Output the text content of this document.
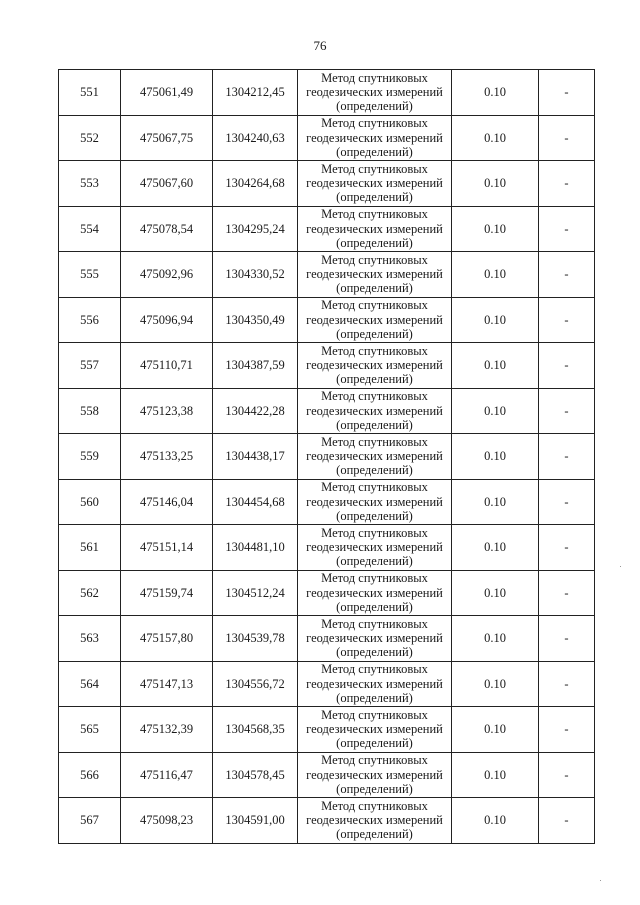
76
551	475061,49	1304212,45	Метод спутниковых
геодезических измерений
(определений)	0.10	-
552	475067,75	1304240,63	Метод спутниковых
геодезических измерений
(определений)	0.10	-
553	475067,60	1304264,68	Метод спутниковых
геодезических измерений
(определений)	0.10	-
554	475078,54	1304295,24	Метод спутниковых
геодезических измерений
(определений)	0.10	-
555	475092,96	1304330,52	Метод спутниковых
геодезических измерений
(определений)	0.10	-
556	475096,94	1304350,49	Метод спутниковых
геодезических измерений
(определений)	0.10	-
557	475110,71	1304387,59	Метод спутниковых
геодезических измерений
(определений)	0.10	-
558	475123,38	1304422,28	Метод спутниковых
геодезических измерений
(определений)	0.10	-
559	475133,25	1304438,17	Метод спутниковых
геодезических измерений
(определений)	0.10	-
560	475146,04	1304454,68	Метод спутниковых
геодезических измерений
(определений)	0.10	-
561	475151,14	1304481,10	Метод спутниковых
геодезических измерений
(определений)	0.10	-
562	475159,74	1304512,24	Метод спутниковых
геодезических измерений
(определений)	0.10	-
563	475157,80	1304539,78	Метод спутниковых
геодезических измерений
(определений)	0.10	-
564	475147,13	1304556,72	Метод спутниковых
геодезических измерений
(определений)	0.10	-
565	475132,39	1304568,35	Метод спутниковых
геодезических измерений
(определений)	0.10	-
566	475116,47	1304578,45	Метод спутниковых
геодезических измерений
(определений)	0.10	-
567	475098,23	1304591,00	Метод спутниковых
геодезических измерений
(определений)	0.10	-
